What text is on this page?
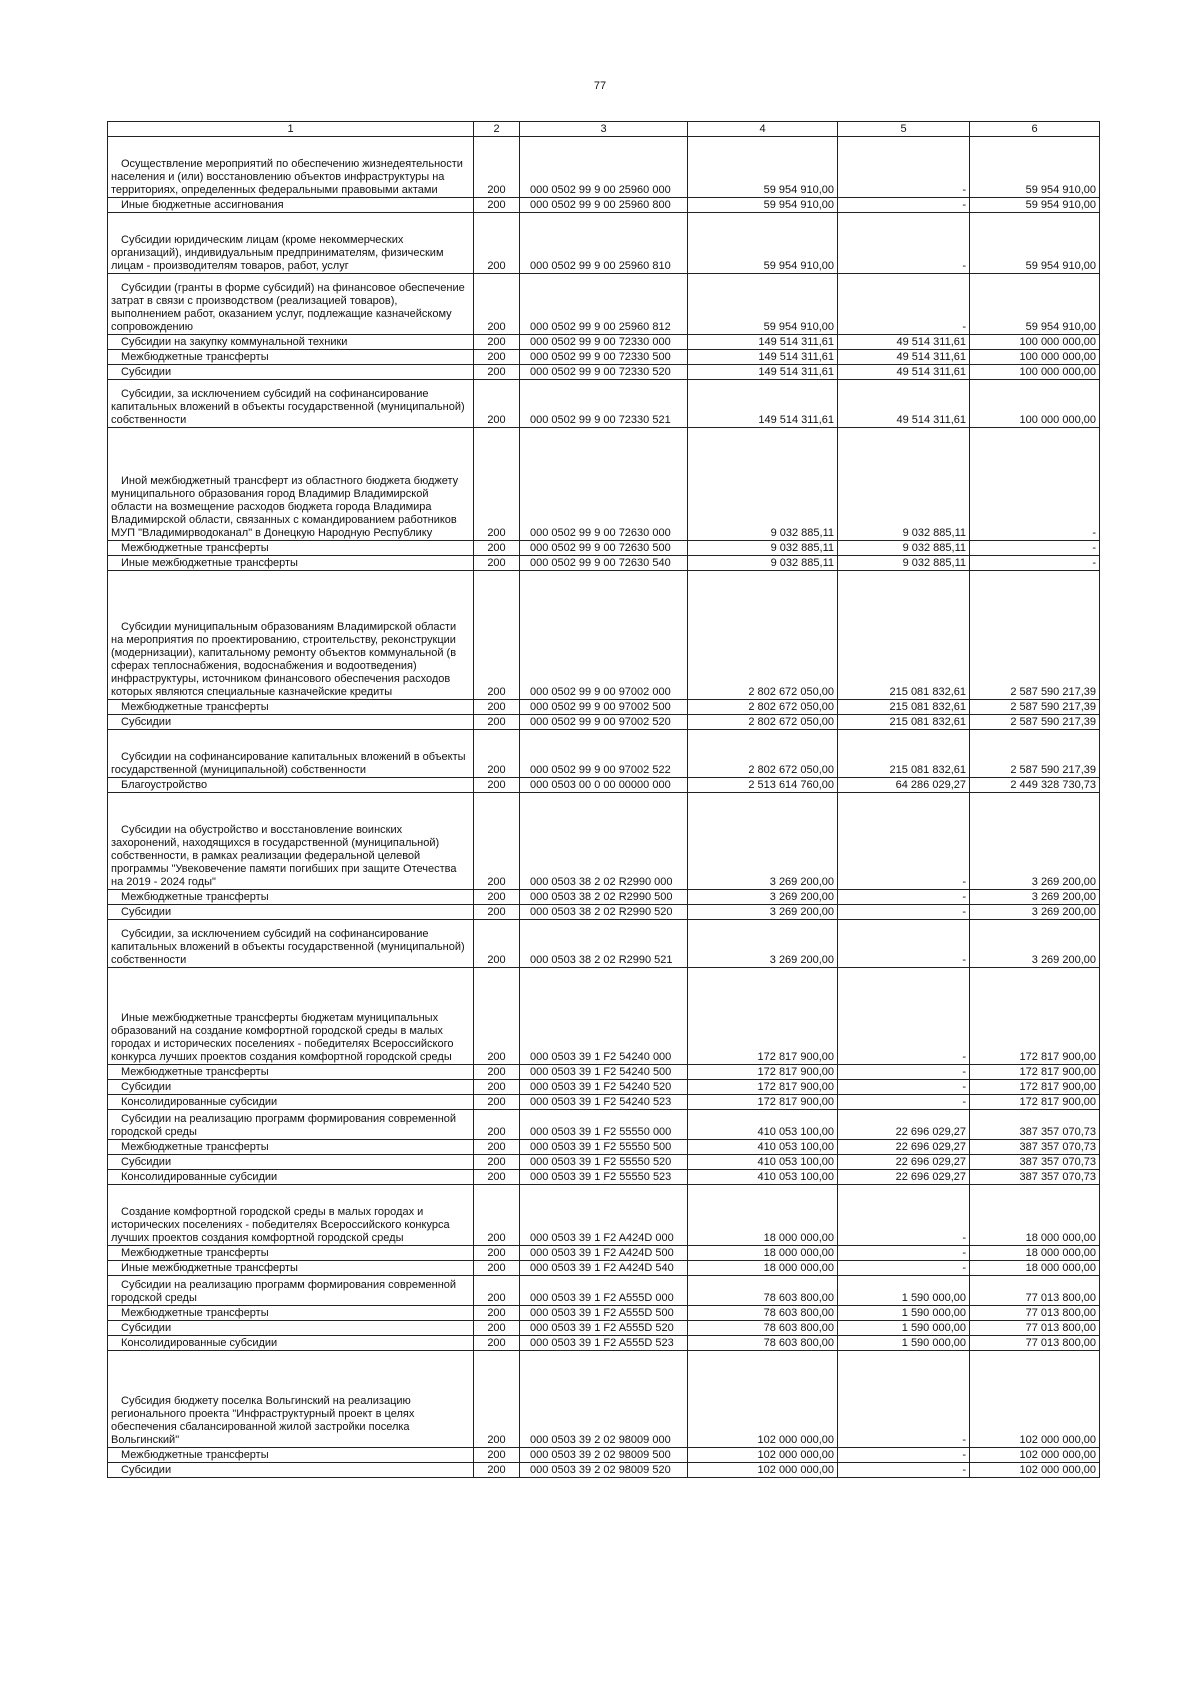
77
1	2	3	4	5	6
Осуществление мероприятий по обеспечению жизнедеятельности населения и (или) восстановлению объектов инфраструктуры на территориях, определенных федеральными правовыми актами	200	000 0502 99 9 00 25960 000	59 954 910,00	-	59 954 910,00
Иные бюджетные ассигнования	200	000 0502 99 9 00 25960 800	59 954 910,00	-	59 954 910,00
Субсидии юридическим лицам (кроме некоммерческих организаций), индивидуальным предпринимателям, физическим лицам - производителям товаров, работ, услуг	200	000 0502 99 9 00 25960 810	59 954 910,00	-	59 954 910,00
Субсидии (гранты в форме субсидий) на финансовое обеспечение затрат в связи с производством (реализацией товаров), выполнением работ, оказанием услуг, подлежащие казначейскому сопровождению	200	000 0502 99 9 00 25960 812	59 954 910,00	-	59 954 910,00
Субсидии на закупку коммунальной техники	200	000 0502 99 9 00 72330 000	149 514 311,61	49 514 311,61	100 000 000,00
Межбюджетные трансферты	200	000 0502 99 9 00 72330 500	149 514 311,61	49 514 311,61	100 000 000,00
Субсидии	200	000 0502 99 9 00 72330 520	149 514 311,61	49 514 311,61	100 000 000,00
Субсидии, за исключением субсидий на софинансирование капитальных вложений в объекты государственной (муниципальной) собственности	200	000 0502 99 9 00 72330 521	149 514 311,61	49 514 311,61	100 000 000,00
Иной межбюджетный трансферт из областного бюджета бюджету муниципального образования город Владимир Владимирской области на возмещение расходов бюджета города Владимира Владимирской области, связанных с командированием работников МУП "Владимирводоканал" в Донецкую Народную Республику	200	000 0502 99 9 00 72630 000	9 032 885,11	9 032 885,11	-
Межбюджетные трансферты	200	000 0502 99 9 00 72630 500	9 032 885,11	9 032 885,11	-
Иные межбюджетные трансферты	200	000 0502 99 9 00 72630 540	9 032 885,11	9 032 885,11	-
Субсидии муниципальным образованиям Владимирской области на мероприятия по проектированию, строительству, реконструкции (модернизации), капитальному ремонту объектов коммунальной (в сферах теплоснабжения, водоснабжения и водоотведения) инфраструктуры, источником финансового обеспечения расходов которых являются специальные казначейские кредиты	200	000 0502 99 9 00 97002 000	2 802 672 050,00	215 081 832,61	2 587 590 217,39
Межбюджетные трансферты	200	000 0502 99 9 00 97002 500	2 802 672 050,00	215 081 832,61	2 587 590 217,39
Субсидии	200	000 0502 99 9 00 97002 520	2 802 672 050,00	215 081 832,61	2 587 590 217,39
Субсидии на софинансирование капитальных вложений в объекты государственной (муниципальной) собственности	200	000 0502 99 9 00 97002 522	2 802 672 050,00	215 081 832,61	2 587 590 217,39
Благоустройство	200	000 0503 00 0 00 00000 000	2 513 614 760,00	64 286 029,27	2 449 328 730,73
Субсидии на обустройство и восстановление воинских захоронений, находящихся в государственной (муниципальной) собственности, в рамках реализации федеральной целевой программы "Увековечение памяти погибших при защите Отечества на 2019 - 2024 годы"	200	000 0503 38 2 02 R2990 000	3 269 200,00	-	3 269 200,00
Межбюджетные трансферты	200	000 0503 38 2 02 R2990 500	3 269 200,00	-	3 269 200,00
Субсидии	200	000 0503 38 2 02 R2990 520	3 269 200,00	-	3 269 200,00
Субсидии, за исключением субсидий на софинансирование капитальных вложений в объекты государственной (муниципальной) собственности	200	000 0503 38 2 02 R2990 521	3 269 200,00	-	3 269 200,00
Иные межбюджетные трансферты бюджетам муниципальных образований на создание комфортной городской среды в малых городах и исторических поселениях - победителях Всероссийского конкурса лучших проектов создания комфортной городской среды	200	000 0503 39 1 F2 54240 000	172 817 900,00	-	172 817 900,00
Межбюджетные трансферты	200	000 0503 39 1 F2 54240 500	172 817 900,00	-	172 817 900,00
Субсидии	200	000 0503 39 1 F2 54240 520	172 817 900,00	-	172 817 900,00
Консолидированные субсидии	200	000 0503 39 1 F2 54240 523	172 817 900,00	-	172 817 900,00
Субсидии на реализацию программ формирования современной городской среды	200	000 0503 39 1 F2 55550 000	410 053 100,00	22 696 029,27	387 357 070,73
Межбюджетные трансферты	200	000 0503 39 1 F2 55550 500	410 053 100,00	22 696 029,27	387 357 070,73
Субсидии	200	000 0503 39 1 F2 55550 520	410 053 100,00	22 696 029,27	387 357 070,73
Консолидированные субсидии	200	000 0503 39 1 F2 55550 523	410 053 100,00	22 696 029,27	387 357 070,73
Создание комфортной городской среды в малых городах и исторических поселениях - победителях Всероссийского конкурса лучших проектов создания комфортной городской среды	200	000 0503 39 1 F2 A424D 000	18 000 000,00	-	18 000 000,00
Межбюджетные трансферты	200	000 0503 39 1 F2 A424D 500	18 000 000,00	-	18 000 000,00
Иные межбюджетные трансферты	200	000 0503 39 1 F2 A424D 540	18 000 000,00	-	18 000 000,00
Субсидии на реализацию программ формирования современной городской среды	200	000 0503 39 1 F2 A555D 000	78 603 800,00	1 590 000,00	77 013 800,00
Межбюджетные трансферты	200	000 0503 39 1 F2 A555D 500	78 603 800,00	1 590 000,00	77 013 800,00
Субсидии	200	000 0503 39 1 F2 A555D 520	78 603 800,00	1 590 000,00	77 013 800,00
Консолидированные субсидии	200	000 0503 39 1 F2 A555D 523	78 603 800,00	1 590 000,00	77 013 800,00
Субсидия бюджету поселка Вольгинский на реализацию регионального проекта "Инфраструктурный проект в целях обеспечения сбалансированной жилой застройки поселка Вольгинский"	200	000 0503 39 2 02 98009 000	102 000 000,00	-	102 000 000,00
Межбюджетные трансферты	200	000 0503 39 2 02 98009 500	102 000 000,00	-	102 000 000,00
Субсидии	200	000 0503 39 2 02 98009 520	102 000 000,00	-	102 000 000,00
